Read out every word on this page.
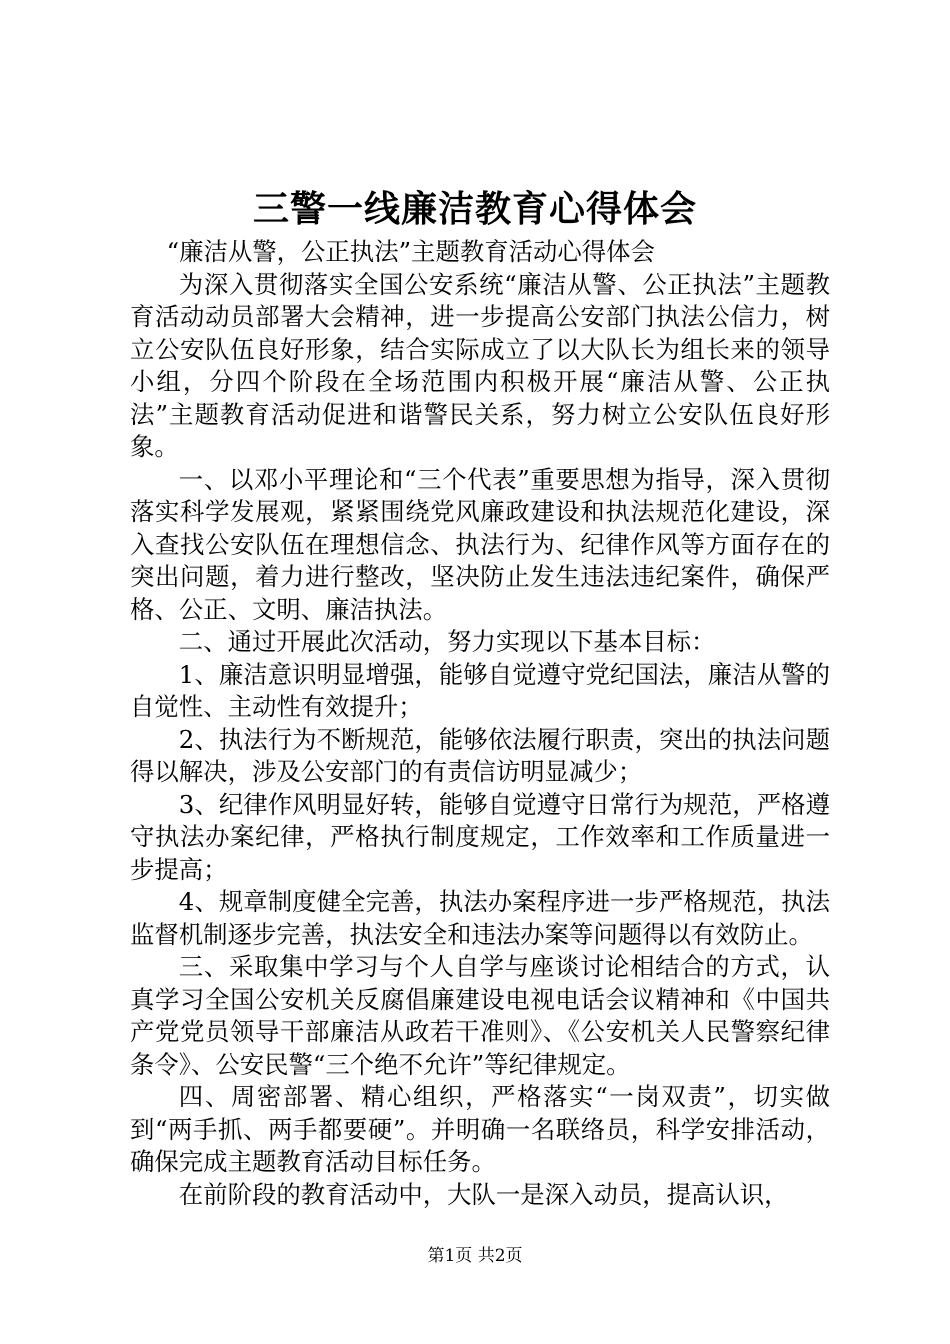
三警一线廉洁教育心得体会

“廉洁从警，公正执法”主题教育活动心得体会

为深入贯彻落实全国公安系统“廉洁从警、公正执法”主题教育活动动员部署大会精神，进一步提高公安部门执法公信力，树立公安队伍良好形象，结合实际成立了以大队长为组长来的领导小组，分四个阶段在全场范围内积极开展“廉洁从警、公正执法”主题教育活动促进和谐警民关系，努力树立公安队伍良好形象。

一、以邓小平理论和“三个代表”重要思想为指导，深入贯彻落实科学发展观，紧紧围绕党风廉政建设和执法规范化建设，深入查找公安队伍在理想信念、执法行为、纪律作风等方面存在的突出问题，着力进行整改，坚决防止发生违法违纪案件，确保严格、公正、文明、廉洁执法。

二、通过开展此次活动，努力实现以下基本目标：

1、廉洁意识明显增强，能够自觉遵守党纪国法，廉洁从警的自觉性、主动性有效提升；

2、执法行为不断规范，能够依法履行职责，突出的执法问题得以解决，涉及公安部门的有责信访明显减少；

3、纪律作风明显好转，能够自觉遵守日常行为规范，严格遵守执法办案纪律，严格执行制度规定，工作效率和工作质量进一步提高；

4、规章制度健全完善，执法办案程序进一步严格规范，执法监督机制逐步完善，执法安全和违法办案等问题得以有效防止。

三、采取集中学习与个人自学与座谈讨论相结合的方式，认真学习全国公安机关反腐倡廉建设电视电话会议精神和《中国共产党党员领导干部廉洁从政若干准则》、《公安机关人民警察纪律条令》、公安民警“三个绝不允许”等纪律规定。

四、周密部署、精心组织，严格落实“一岗双责”，切实做到“两手抓、两手都要硬”。并明确一名联络员，科学安排活动，确保完成主题教育活动目标任务。

在前阶段的教育活动中，大队一是深入动员，提高认识，

第1页 共2页
